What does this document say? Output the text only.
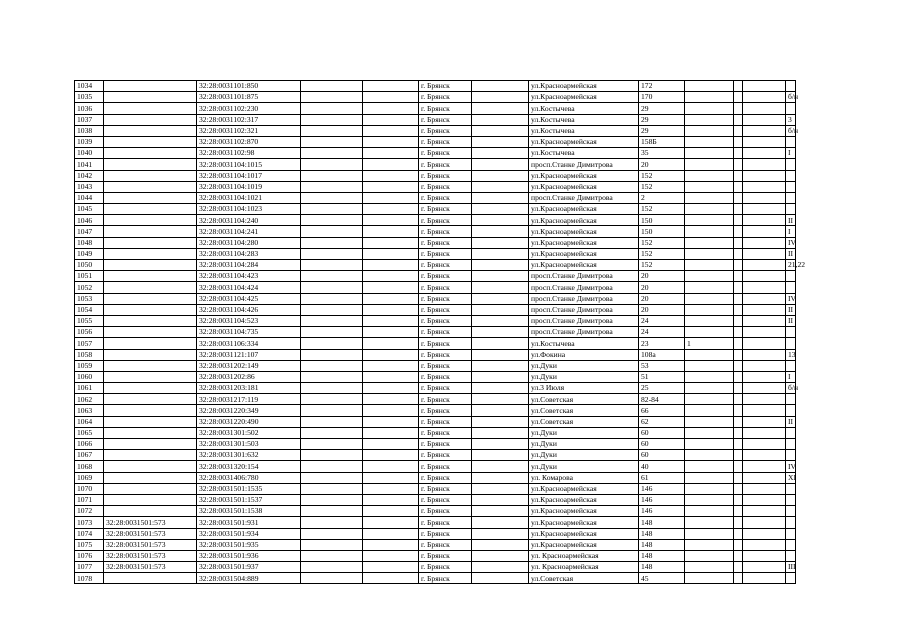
1034		32:28:0031101:850			г. Брянск		ул.Красноармейская	172				
1035		32:28:0031101:875			г. Брянск		ул.Красноармейская	170				б/н
1036		32:28:0031102:230			г. Брянск		ул.Костычева	29				
1037		32:28:0031102:317			г. Брянск		ул.Костычева	29				3
1038		32:28:0031102:321			г. Брянск		ул.Костычева	29				б/н
1039		32:28:0031102:870			г. Брянск		ул.Красноармейская	158Б				
1040		32:28:0031102:98			г. Брянск		ул.Костычева	35				I
1041		32:28:0031104:1015			г. Брянск		просп.Станке Димитрова	20				
1042		32:28:0031104:1017			г. Брянск		ул.Красноармейская	152				
1043		32:28:0031104:1019			г. Брянск		ул.Красноармейская	152				
1044		32:28:0031104:1021			г. Брянск		просп.Станке Димитрова	2				
1045		32:28:0031104:1023			г. Брянск		ул.Красноармейская	152				
1046		32:28:0031104:240			г. Брянск		ул.Красноармейская	150				II
1047		32:28:0031104:241			г. Брянск		ул.Красноармейская	150				I
1048		32:28:0031104:280			г. Брянск		ул.Красноармейская	152				IV
1049		32:28:0031104:283			г. Брянск		ул.Красноармейская	152				II
1050		32:28:0031104:284			г. Брянск		ул.Красноармейская	152				21,22
1051		32:28:0031104:423			г. Брянск		просп.Станке Димитрова	20				
1052		32:28:0031104:424			г. Брянск		просп.Станке Димитрова	20				
1053		32:28:0031104:425			г. Брянск		просп.Станке Димитрова	20				IV
1054		32:28:0031104:426			г. Брянск		просп.Станке Димитрова	20				II
1055		32:28:0031104:523			г. Брянск		просп.Станке Димитрова	24				II
1056		32:28:0031104:735			г. Брянск		просп.Станке Димитрова	24				
1057		32:28:0031106:334			г. Брянск		ул.Костычева	23	1			
1058		32:28:0031121:107			г. Брянск		ул.Фокина	108а				13
1059		32:28:0031202:149			г. Брянск		ул.Дуки	53				
1060		32:28:0031202:86			г. Брянск		ул.Дуки	51				I
1061		32:28:0031203:181			г. Брянск		ул.3 Июля	25				б/н
1062		32:28:0031217:119			г. Брянск		ул.Советская	82-84				
1063		32:28:0031220:349			г. Брянск		ул.Советская	66				
1064		32:28:0031220:490			г. Брянск		ул.Советская	62				II
1065		32:28:0031301:502			г. Брянск		ул.Дуки	60				
1066		32:28:0031301:503			г. Брянск		ул.Дуки	60				
1067		32:28:0031301:632			г. Брянск		ул.Дуки	60				
1068		32:28:0031320:154			г. Брянск		ул.Дуки	40				IV
1069		32:28:0031406:780			г. Брянск		ул. Комарова	61				XI
1070		32:28:0031501:1535			г. Брянск		ул.Красноармейская	146				
1071		32:28:0031501:1537			г. Брянск		ул.Красноармейская	146				
1072		32:28:0031501:1538			г. Брянск		ул.Красноармейская	146				
1073	32:28:0031501:573	32:28:0031501:931			г. Брянск		ул.Красноармейская	148				
1074	32:28:0031501:573	32:28:0031501:934			г. Брянск		ул.Красноармейская	148				
1075	32:28:0031501:573	32:28:0031501:935			г. Брянск		ул.Красноармейская	148				
1076	32:28:0031501:573	32:28:0031501:936			г. Брянск		ул. Красноармейская	148				
1077	32:28:0031501:573	32:28:0031501:937			г. Брянск		ул. Красноармейская	148				III
1078		32:28:0031504:889			г. Брянск		ул.Советская	45				
